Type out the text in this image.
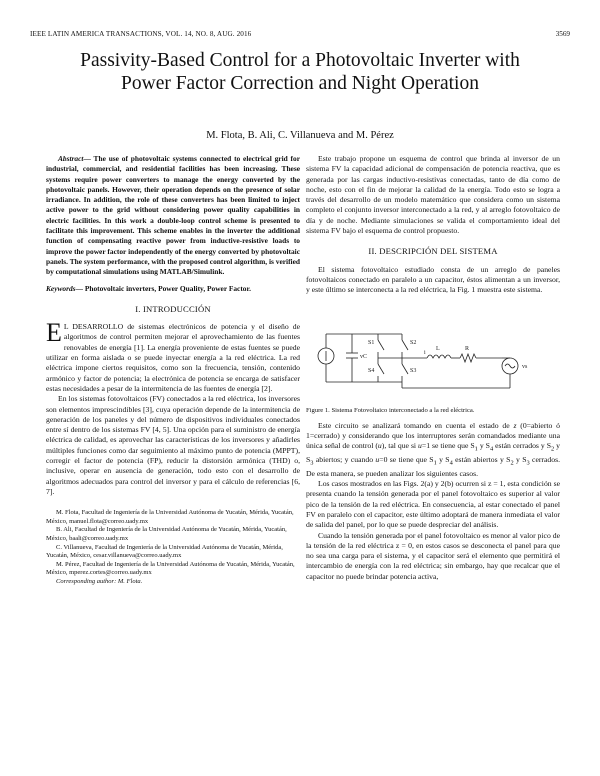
IEEE LATIN AMERICA TRANSACTIONS, VOL. 14, NO. 8, AUG. 2016	3569
Passivity-Based Control for a Photovoltaic Inverter with Power Factor Correction and Night Operation
M. Flota, B. Ali, C. Villanueva and M. Pérez

Abstract— The use of photovoltaic systems connected to electrical grid for industrial, commercial, and residential facilities has been increasing. These systems require power converters to manage the energy converted by the photovoltaic panels. However, their operation depends on the presence of solar irradiance. In addition, the role of these converters has been limited to inject active power to the grid without considering power quality capabilities in electric facilities. In this work a double-loop control scheme is presented to facilitate this improvement. This scheme enables in the inverter the additional function of compensating reactive power from inductive-resistive loads to improve the power factor independently of the energy converted by photovoltaic panels. The system performance, with the proposed control algorithm, is verified by computational simulations using MATLAB/Simulink.

Keywords— Photovoltaic inverters, Power Quality, Power Factor.

I. INTRODUCCIÓN

E L DESARROLLO de sistemas electrónicos de potencia y el diseño de algoritmos de control permiten mejorar el aprovechamiento de las fuentes renovables de energía [1]. La energía proveniente de estas fuentes se puede utilizar en forma aislada o se puede inyectar energía a la red eléctrica. La red eléctrica impone ciertos requisitos, como son la frecuencia, tensión, contenido armónico y factor de potencia; la electrónica de potencia se encarga de satisfacer estas necesidades a pesar de la intermitencia de las fuentes de energía [2].

En los sistemas fotovoltaicos (FV) conectados a la red eléctrica, los inversores son elementos imprescindibles [3], cuya operación depende de la intermitencia de generación de los paneles y del número de dispositivos individuales conectados entre sí dentro de los sistemas FV [4, 5]. Una opción para el suministro de energía eléctrica de calidad, es aprovechar las características de los inversores y añadirles múltiples funciones como dar seguimiento al máximo punto de potencia (MPPT), corregir el factor de potencia (FP), reducir la distorsión armónica (THD) o, inclusive, operar en ausencia de generación, todo esto con el desarrollo de algoritmos adecuados para control del inversor y para el cálculo de referencias [6, 7].

M. Flota, Facultad de Ingeniería de la Universidad Autónoma de Yucatán, Mérida, Yucatán, México, manuel.flota@correo.uady.mx

B. Ali, Facultad de Ingeniería de la Universidad Autónoma de Yucatán, Mérida, Yucatán, México, baali@correo.uady.mx

C. Villanueva, Facultad de Ingeniería de la Universidad Autónoma de Yucatán, Mérida, Yucatán, México, cesar.villanueva@correo.uady.mx

M. Pérez, Facultad de Ingeniería de la Universidad Autónoma de Yucatán, Mérida, Yucatán, México, mperez.cortes@correo.uady.mx

Corresponding author: M. Flota.

Este trabajo propone un esquema de control que brinda al inversor de un sistema FV la capacidad adicional de compensación de potencia reactiva, que es generada por las cargas inductivo-resistivas conectadas, tanto de día como de noche, esto con el fin de mejorar la calidad de la energía. Todo esto se logra a través del desarrollo de un modelo matemático que considera como un sistema completo el conjunto inversor interconectado a la red, y al arreglo fotovoltaico de día y de noche. Mediante simulaciones se valida el comportamiento ideal del sistema FV bajo el esquema de control propuesto.

II. DESCRIPCIÓN DEL SISTEMA

El sistema fotovoltaico estudiado consta de un arreglo de paneles fotovoltaicos conectado en paralelo a un capacitor, éstos alimentan a un inversor, y este último se interconecta a la red eléctrica, la Fig. 1 muestra este sistema.

vC
S1
S4
S2
S3
i
L	R
vs

Figure 1. Sistema Fotovoltaico interconectado a la red eléctrica.

Este circuito se analizará tomando en cuenta el estado de z (0=abierto ó 1=cerrado) y considerando que los interruptores serán comandados mediante una única señal de control (u), tal que si u=1 se tiene que $S_1$ y $S_4$ están cerrados y $S_2$ y $S_3$ abiertos; y cuando u=0 se tiene que $S_1$ y $S_4$ están abiertos y $S_2$ y $S_3$ cerrados. De esta manera, se pueden analizar los siguientes casos.

Los casos mostrados en las Figs. 2(a) y 2(b) ocurren si z = 1, esta condición se presenta cuando la tensión generada por el panel fotovoltaico es superior al valor pico de la tensión de la red eléctrica. En consecuencia, al estar conectado el panel FV en paralelo con el capacitor, este último adoptará de manera inmediata el valor de salida del panel, por lo que se puede despreciar del análisis.

Cuando la tensión generada por el panel fotovoltaico es menor al valor pico de la tensión de la red eléctrica z = 0, en estos casos se desconecta el panel para que no sea una carga para el sistema, y el capacitor será el elemento que permitirá el intercambio de energía con la red eléctrica; sin embargo, hay que recalcar que el capacitor no puede brindar potencia activa,
